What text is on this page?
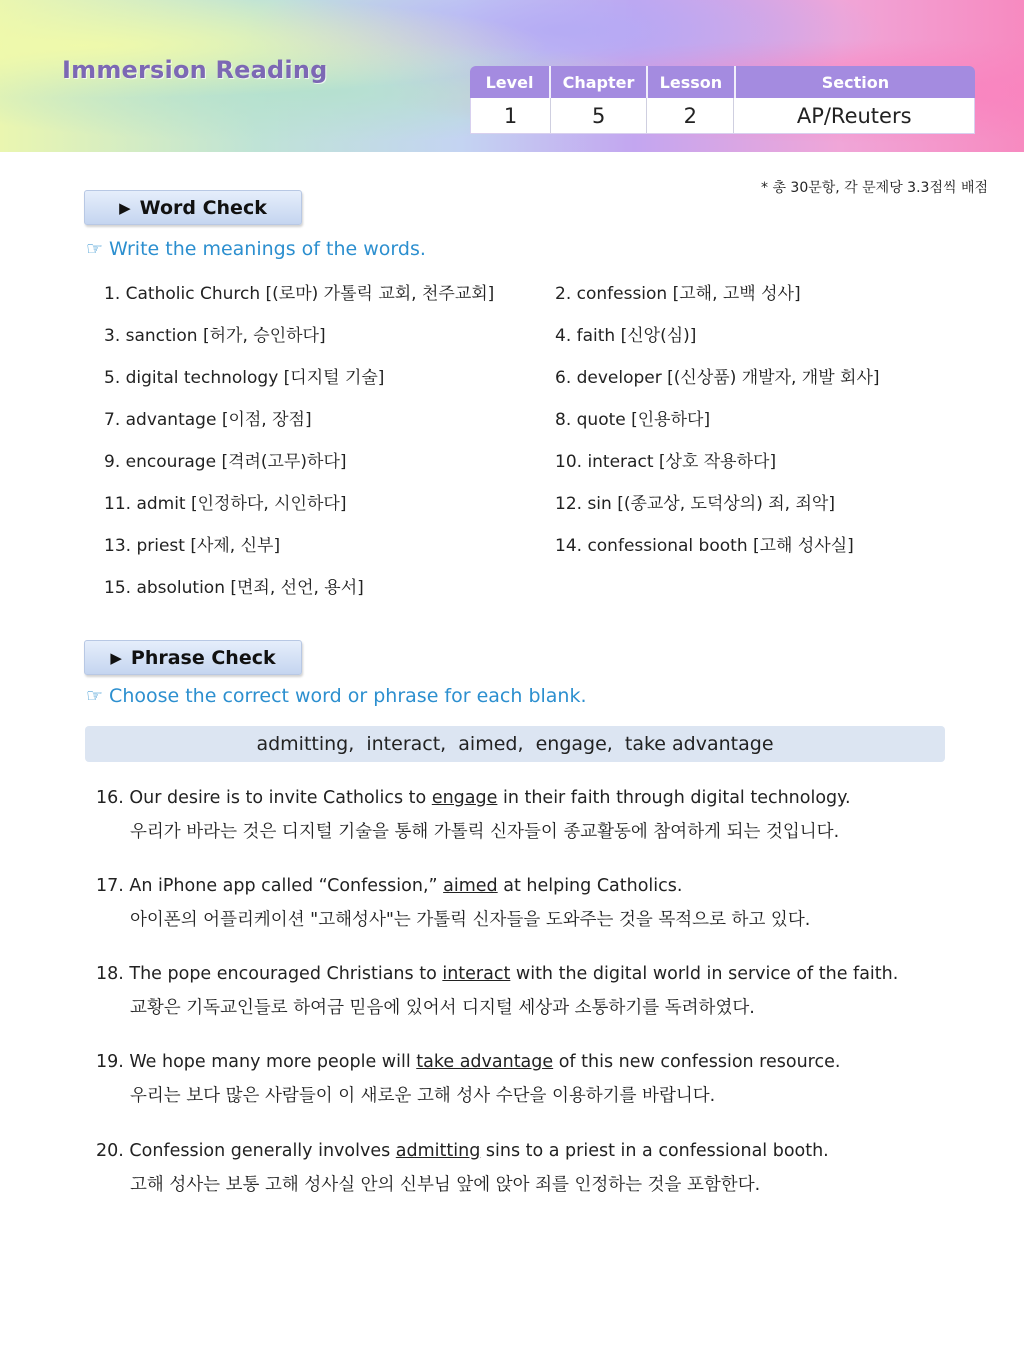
Immersion Reading	Level	Chapter	Lesson	Section
1	5	2	AP/Reuters
* 총 30문항, 각 문제당 3.3점씩 배점
▶ Word Check
☞ Write the meanings of the words.
1. Catholic Church [(로마) 가톨릭 교회, 천주교회]	2. confession [고해, 고백 성사]
3. sanction [허가, 승인하다]	4. faith [신앙(심)]
5. digital technology [디지털 기술]	6. developer [(신상품) 개발자, 개발 회사]
7. advantage [이점, 장점]	8. quote [인용하다]
9. encourage [격려(고무)하다]	10. interact [상호 작용하다]
11. admit [인정하다, 시인하다]	12. sin [(종교상, 도덕상의) 죄, 죄악]
13. priest [사제, 신부]	14. confessional booth [고해 성사실]
15. absolution [면죄, 선언, 용서]
▶ Phrase Check
☞ Choose the correct word or phrase for each blank.
admitting,  interact,  aimed,  engage,  take advantage
16. Our desire is to invite Catholics to engage in their faith through digital technology.
우리가 바라는 것은 디지털 기술을 통해 가톨릭 신자들이 종교활동에 참여하게 되는 것입니다.
17. An iPhone app called “Confession,” aimed at helping Catholics.
아이폰의 어플리케이션 "고해성사"는 가톨릭 신자들을 도와주는 것을 목적으로 하고 있다.
18. The pope encouraged Christians to interact with the digital world in service of the faith.
교황은 기독교인들로 하여금 믿음에 있어서 디지털 세상과 소통하기를 독려하였다.
19. We hope many more people will take advantage of this new confession resource.
우리는 보다 많은 사람들이 이 새로운 고해 성사 수단을 이용하기를 바랍니다.
20. Confession generally involves admitting sins to a priest in a confessional booth.
고해 성사는 보통 고해 성사실 안의 신부님 앞에 앉아 죄를 인정하는 것을 포함한다.
